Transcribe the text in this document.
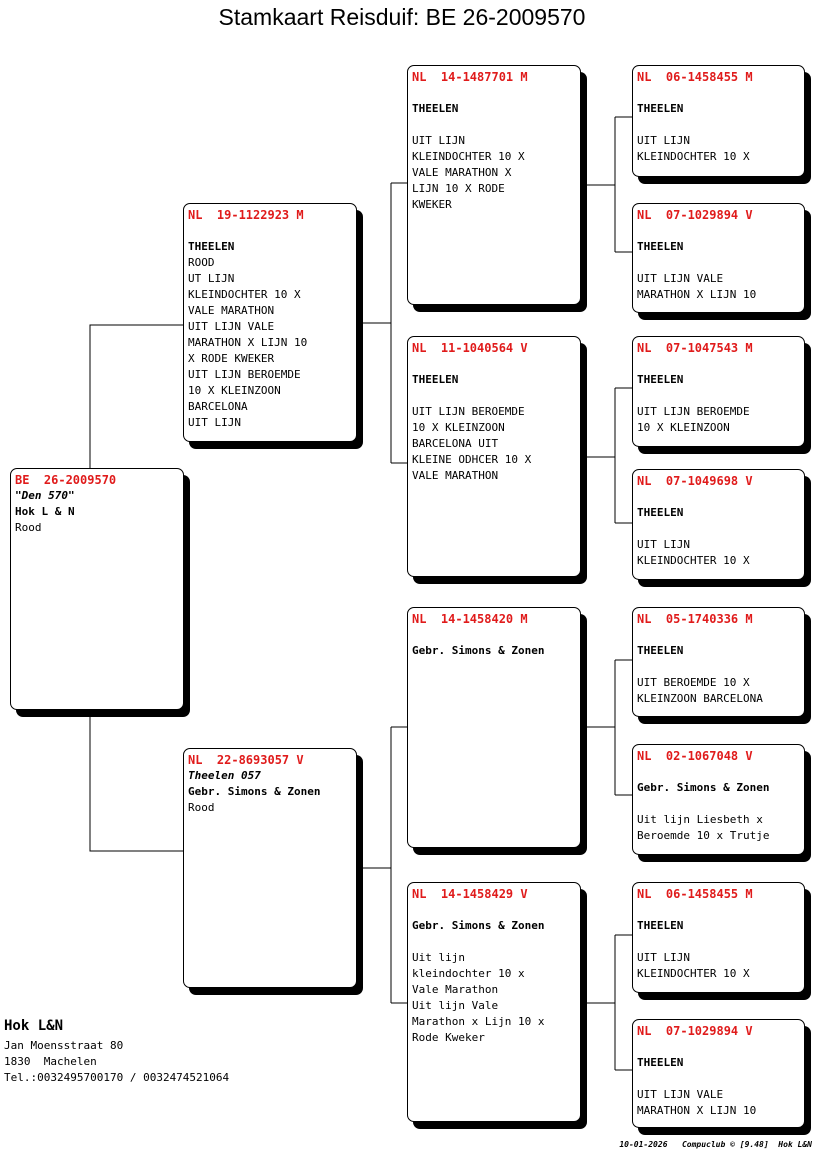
Stamkaart Reisduif: BE 26-2009570
BE  26-2009570
"Den 570"
Hok L & N
Rood
NL  19-1122923 M
THEELEN
ROOD
UT LIJN
KLEINDOCHTER 10 X
VALE MARATHON
UIT LIJN VALE
MARATHON X LIJN 10
X RODE KWEKER
UIT LIJN BEROEMDE
10 X KLEINZOON
BARCELONA
UIT LIJN
NL  22-8693057 V
Theelen 057
Gebr. Simons & Zonen
Rood
NL  14-1487701 M
THEELEN
UIT LIJN
KLEINDOCHTER 10 X
VALE MARATHON X
LIJN 10 X RODE
KWEKER
NL  11-1040564 V
THEELEN
UIT LIJN BEROEMDE
10 X KLEINZOON
BARCELONA UIT
KLEINE ODHCER 10 X
VALE MARATHON
NL  14-1458420 M
Gebr. Simons & Zonen
NL  14-1458429 V
Gebr. Simons & Zonen
Uit lijn
kleindochter 10 x
Vale Marathon
Uit lijn Vale
Marathon x Lijn 10 x
Rode Kweker
NL  06-1458455 M
THEELEN
UIT LIJN
KLEINDOCHTER 10 X
NL  07-1029894 V
THEELEN
UIT LIJN VALE
MARATHON X LIJN 10
NL  07-1047543 M
THEELEN
UIT LIJN BEROEMDE
10 X KLEINZOON
NL  07-1049698 V
THEELEN
UIT LIJN
KLEINDOCHTER 10 X
NL  05-1740336 M
THEELEN
UIT BEROEMDE 10 X
KLEINZOON BARCELONA
NL  02-1067048 V
Gebr. Simons & Zonen
Uit lijn Liesbeth x
Beroemde 10 x Trutje
NL  06-1458455 M
THEELEN
UIT LIJN
KLEINDOCHTER 10 X
NL  07-1029894 V
THEELEN
UIT LIJN VALE
MARATHON X LIJN 10
Hok L&N
Jan Moensstraat 80
1830  Machelen
Tel.:0032495700170 / 0032474521064
10-01-2026   Compuclub © [9.48]  Hok L&N
